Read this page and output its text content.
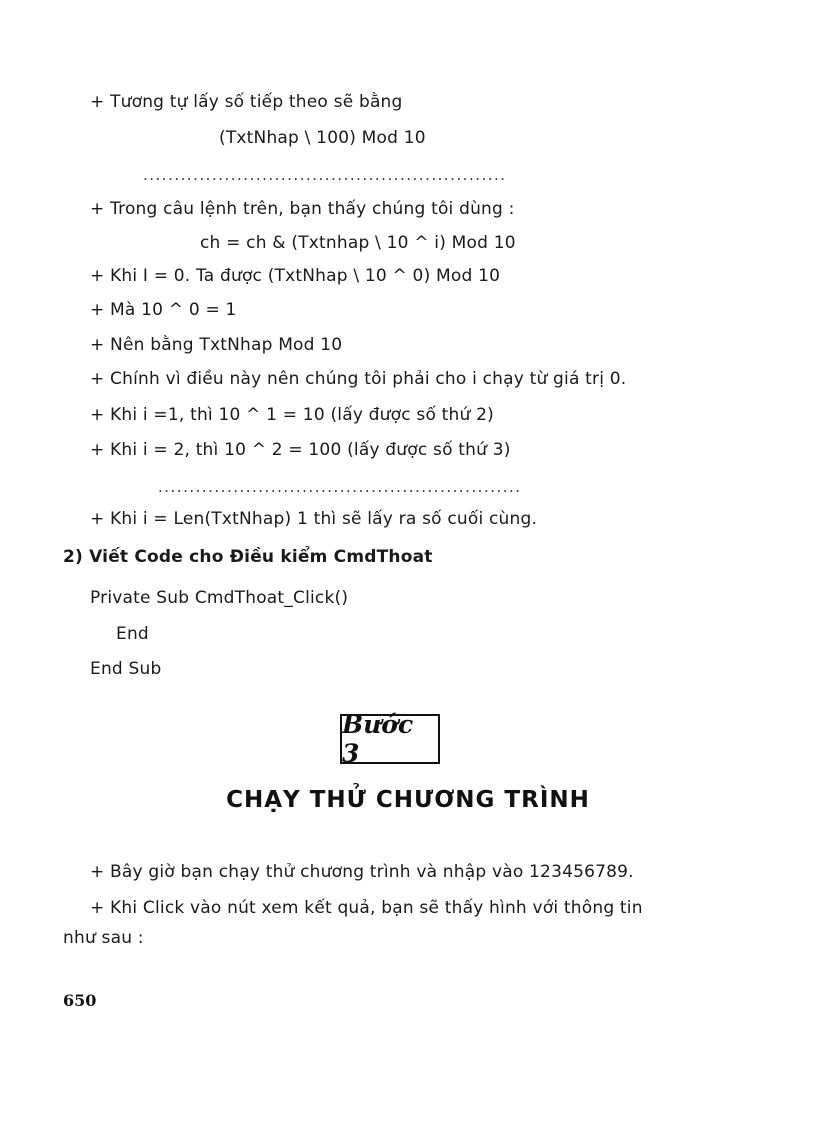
+ Tương tự lấy số tiếp theo sẽ bằng
(TxtNhap \ 100) Mod 10
..........................................................
+ Trong câu lệnh trên, bạn thấy chúng tôi dùng :
ch = ch & (Txtnhap \ 10 ^ i) Mod 10
+ Khi I = 0. Ta được (TxtNhap \ 10 ^ 0) Mod 10
+ Mà 10 ^ 0 = 1
+ Nên bằng TxtNhap Mod 10
+ Chính vì điều này nên chúng tôi phải cho i chạy từ giá trị 0.
+ Khi i =1, thì 10 ^ 1 = 10 (lấy được số thứ 2)
+ Khi i = 2, thì 10 ^ 2 = 100 (lấy được số thứ 3)
..........................................................
+ Khi i = Len(TxtNhap) 1 thì sẽ lấy ra số cuối cùng.
2) Viết Code cho Điều kiểm CmdThoat
Private Sub CmdThoat_Click()
End
End Sub
Bước 3
CHẠY THỬ CHƯƠNG TRÌNH
+ Bây giờ bạn chạy thử chương trình và nhập vào 123456789.
+ Khi Click vào nút xem kết quả, bạn sẽ thấy hình với thông tin
như sau :
650
